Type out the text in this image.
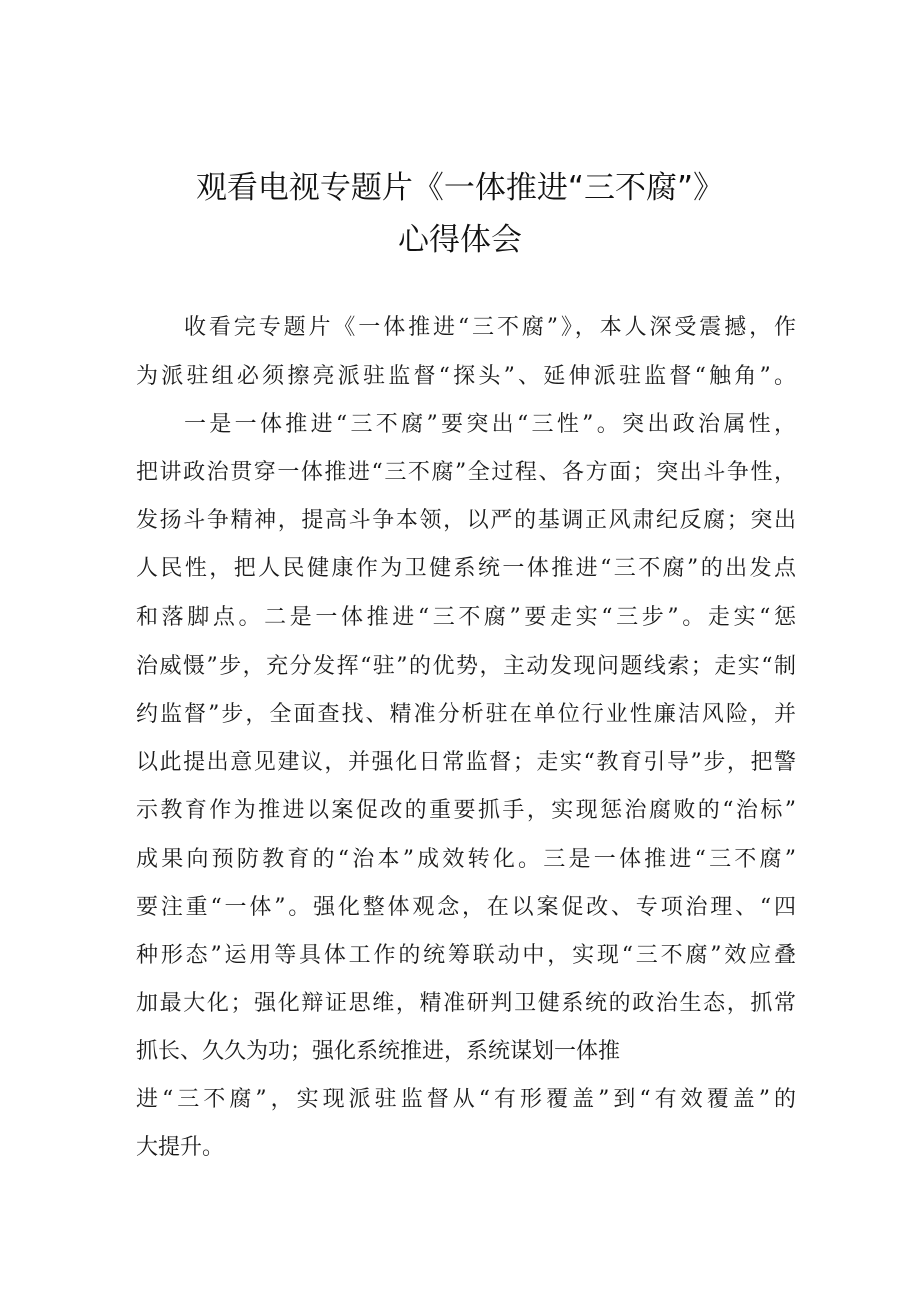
观看电视专题片《一体推进“三不腐”》
心得体会
收看完专题片《一体推进“三不腐”》，本人深受震撼，作
为派驻组必须擦亮派驻监督“探头”、延伸派驻监督“触角”。
一是一体推进“三不腐”要突出“三性”。突出政治属性，
把讲政治贯穿一体推进“三不腐”全过程、各方面；突出斗争性，
发扬斗争精神，提高斗争本领，以严的基调正风肃纪反腐；突出
人民性，把人民健康作为卫健系统一体推进“三不腐”的出发点
和落脚点。二是一体推进“三不腐”要走实“三步”。走实“惩
治威慑”步，充分发挥“驻”的优势，主动发现问题线索；走实“制
约监督”步，全面查找、精准分析驻在单位行业性廉洁风险，并
以此提出意见建议，并强化日常监督；走实“教育引导”步，把警
示教育作为推进以案促改的重要抓手，实现惩治腐败的“治标”
成果向预防教育的“治本”成效转化。三是一体推进“三不腐”
要注重“一体”。强化整体观念，在以案促改、专项治理、“四
种形态”运用等具体工作的统筹联动中，实现“三不腐”效应叠
加最大化；强化辩证思维，精准研判卫健系统的政治生态，抓常
抓长、久久为功；强化系统推进，系统谋划一体推
进“三不腐”，实现派驻监督从“有形覆盖”到“有效覆盖”的
大提升。
